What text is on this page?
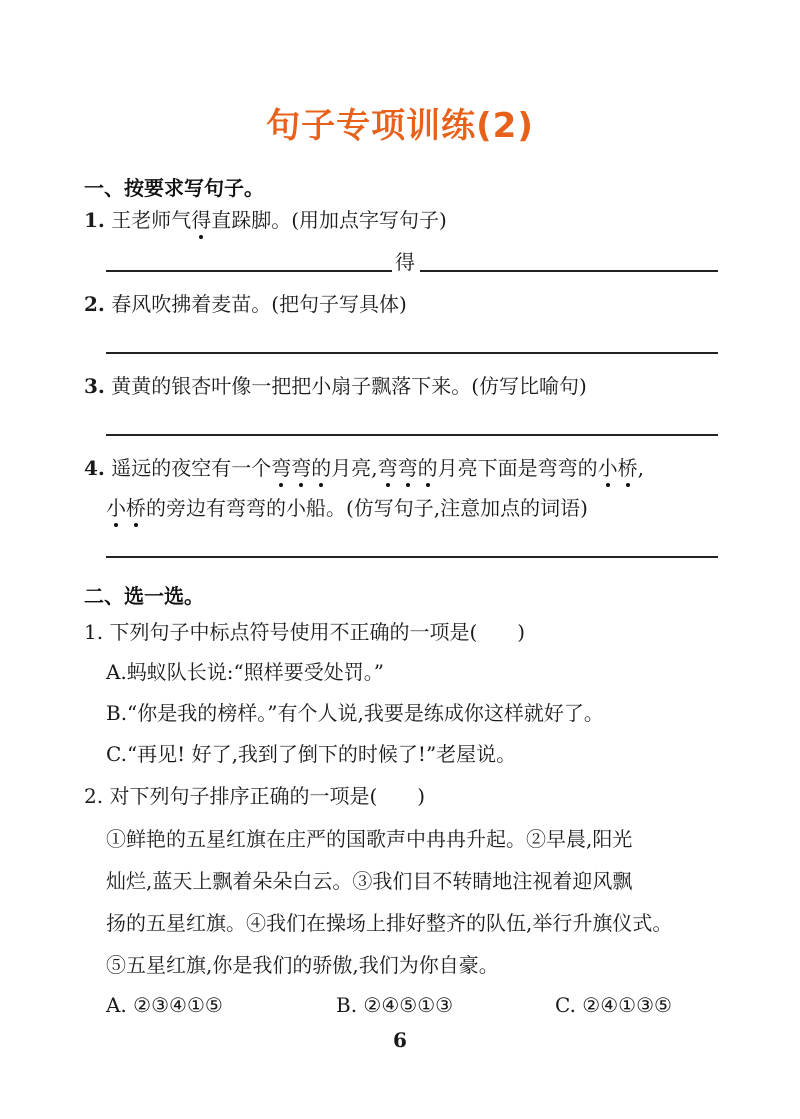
句子专项训练(2)
一、按要求写句子。
1. 王老师气得直跺脚。(用加点字写句子)
得
2. 春风吹拂着麦苗。(把句子写具体)
3. 黄黄的银杏叶像一把把小扇子飘落下来。(仿写比喻句)
4. 遥远的夜空有一个弯弯的月亮,弯弯的月亮下面是弯弯的小桥,
小桥的旁边有弯弯的小船。(仿写句子,注意加点的词语)
二、选一选。
1. 下列句子中标点符号使用不正确的一项是(　　)
A.蚂蚁队长说:“照样要受处罚。”
B.“你是我的榜样。”有个人说,我要是练成你这样就好了。
C.“再见! 好了,我到了倒下的时候了!”老屋说。
2. 对下列句子排序正确的一项是(　　)
①鲜艳的五星红旗在庄严的国歌声中冉冉升起。②早晨,阳光
灿烂,蓝天上飘着朵朵白云。③我们目不转睛地注视着迎风飘
扬的五星红旗。④我们在操场上排好整齐的队伍,举行升旗仪式。
⑤五星红旗,你是我们的骄傲,我们为你自豪。
A. ②③④①⑤	B. ②④⑤①③	C. ②④①③⑤
6
